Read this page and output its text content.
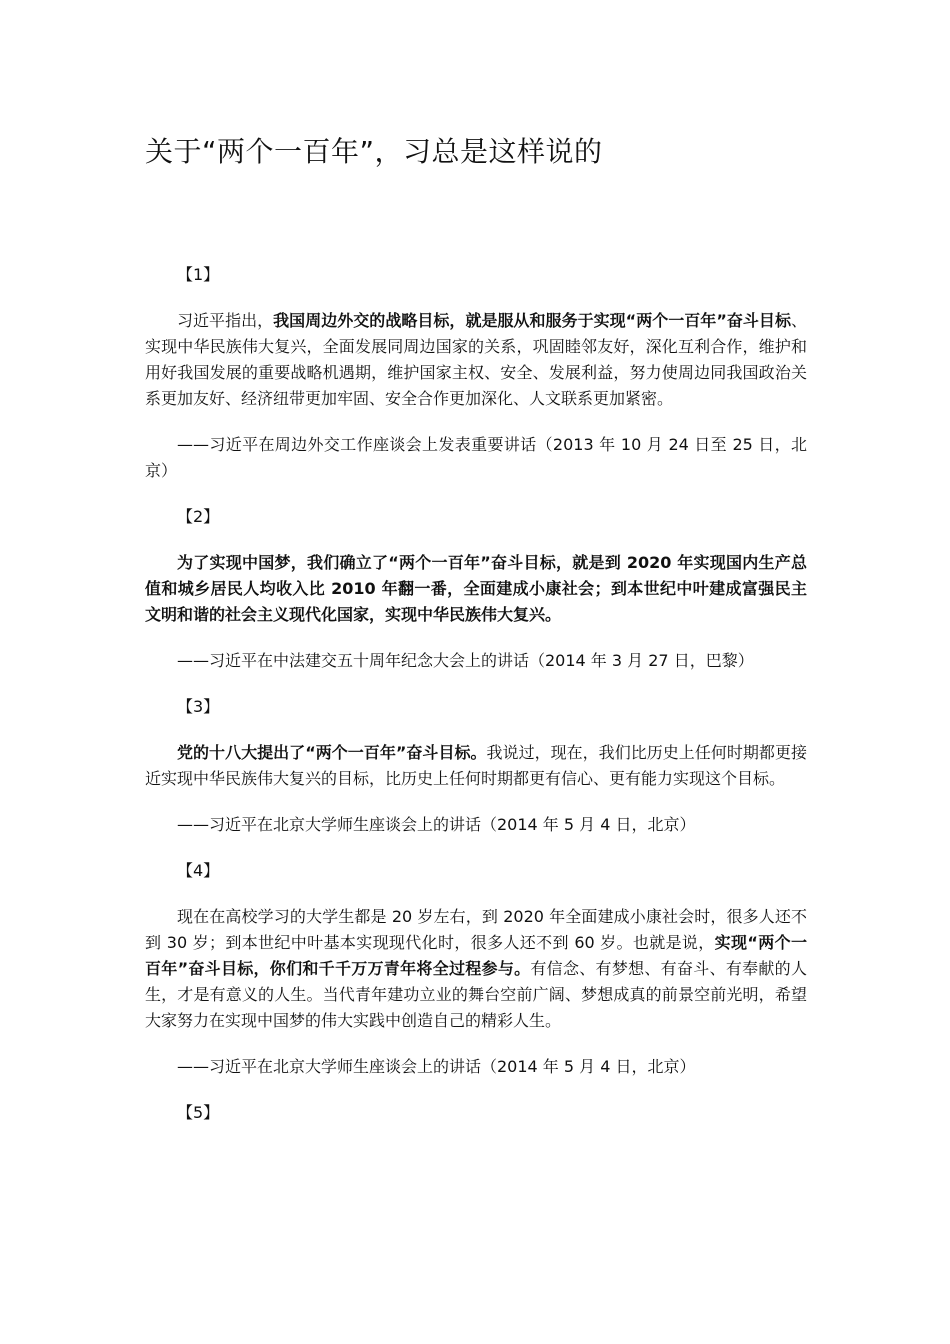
关于“两个一百年”，习总是这样说的

【1】

习近平指出，我国周边外交的战略目标，就是服从和服务于实现“两个一百年”奋斗目标、实现中华民族伟大复兴，全面发展同周边国家的关系，巩固睦邻友好，深化互利合作，维护和用好我国发展的重要战略机遇期，维护国家主权、安全、发展利益，努力使周边同我国政治关系更加友好、经济纽带更加牢固、安全合作更加深化、人文联系更加紧密。

——习近平在周边外交工作座谈会上发表重要讲话（2013 年 10 月 24 日至 25 日，北京）

【2】

为了实现中国梦，我们确立了“两个一百年”奋斗目标，就是到 2020 年实现国内生产总值和城乡居民人均收入比 2010 年翻一番，全面建成小康社会；到本世纪中叶建成富强民主文明和谐的社会主义现代化国家，实现中华民族伟大复兴。

——习近平在中法建交五十周年纪念大会上的讲话（2014 年 3 月 27 日，巴黎）

【3】

党的十八大提出了“两个一百年”奋斗目标。我说过，现在，我们比历史上任何时期都更接近实现中华民族伟大复兴的目标，比历史上任何时期都更有信心、更有能力实现这个目标。

——习近平在北京大学师生座谈会上的讲话（2014 年 5 月 4 日，北京）

【4】

现在在高校学习的大学生都是 20 岁左右，到 2020 年全面建成小康社会时，很多人还不到 30 岁；到本世纪中叶基本实现现代化时，很多人还不到 60 岁。也就是说，实现“两个一百年”奋斗目标，你们和千千万万青年将全过程参与。有信念、有梦想、有奋斗、有奉献的人生，才是有意义的人生。当代青年建功立业的舞台空前广阔、梦想成真的前景空前光明，希望大家努力在实现中国梦的伟大实践中创造自己的精彩人生。

——习近平在北京大学师生座谈会上的讲话（2014 年 5 月 4 日，北京）

【5】
